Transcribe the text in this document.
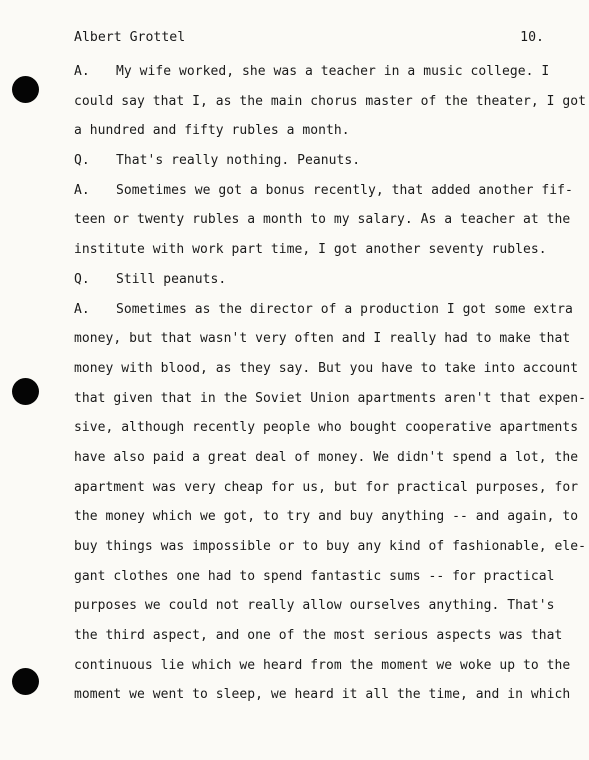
Albert Grottel	10.
A. My wife worked, she was a teacher in a music college. I
could say that I, as the main chorus master of the theater, I got
a hundred and fifty rubles a month.
Q. That's really nothing. Peanuts.
A. Sometimes we got a bonus recently, that added another fif-
teen or twenty rubles a month to my salary. As a teacher at the
institute with work part time, I got another seventy rubles.
Q. Still peanuts.
A. Sometimes as the director of a production I got some extra
money, but that wasn't very often and I really had to make that
money with blood, as they say. But you have to take into account
that given that in the Soviet Union apartments aren't that expen-
sive, although recently people who bought cooperative apartments
have also paid a great deal of money. We didn't spend a lot, the
apartment was very cheap for us, but for practical purposes, for
the money which we got, to try and buy anything -- and again, to
buy things was impossible or to buy any kind of fashionable, ele-
gant clothes one had to spend fantastic sums -- for practical
purposes we could not really allow ourselves anything. That's
the third aspect, and one of the most serious aspects was that
continuous lie which we heard from the moment we woke up to the
moment we went to sleep, we heard it all the time, and in which
